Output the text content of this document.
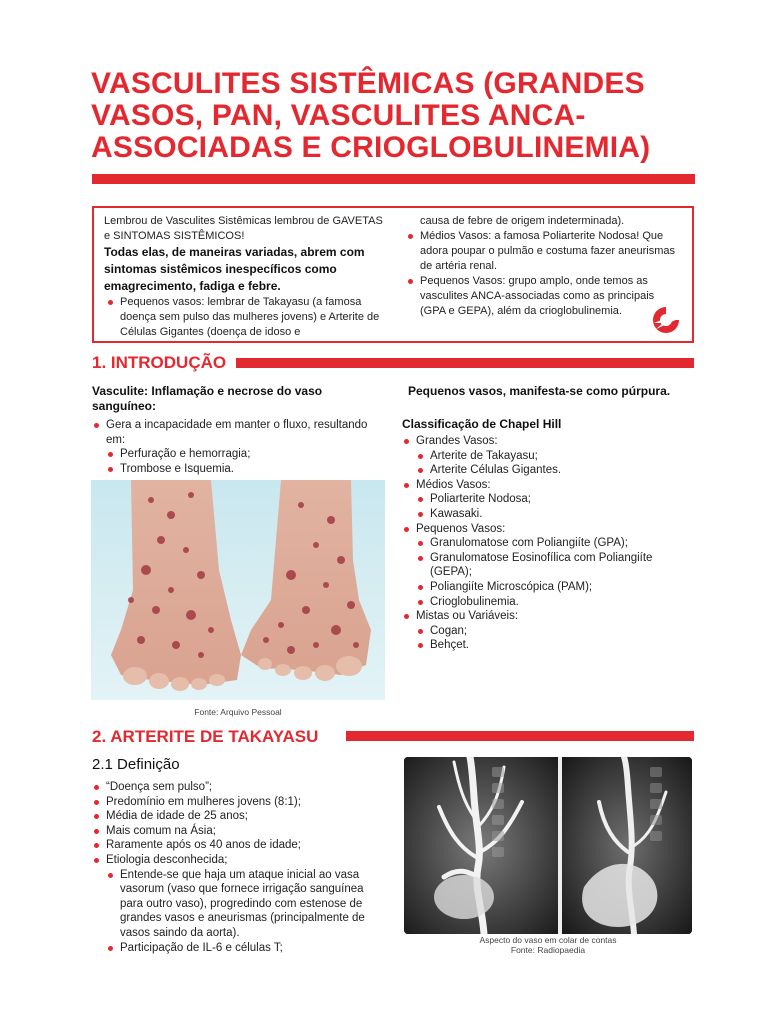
VASCULITES SISTÊMICAS (GRANDES VASOS, PAN, VASCULITES ANCA-ASSOCIADAS E CRIOGLOBULINEMIA)

Lembrou de Vasculites Sistêmicas lembrou de GAVETAS e SINTOMAS SISTÊMICOS!

Todas elas, de maneiras variadas, abrem com sintomas sistêmicos inespecíficos como emagrecimento, fadiga e febre.

Pequenos vasos: lembrar de Takayasu (a famosa doença sem pulso das mulheres jovens) e Arterite de Células Gigantes (doença de idoso e

causa de febre de origem indeterminada).

Médios Vasos: a famosa Poliarterite Nodosa! Que adora poupar o pulmão e costuma fazer aneurismas de artéria renal.
Pequenos Vasos: grupo amplo, onde temos as vasculites ANCA-associadas como as principais (GPA e GEPA), além da crioglobulinemia.
1. INTRODUÇÃO
Vasculite: Inflamação e necrose do vaso sanguíneo:
Gera a incapacidade em manter o fluxo, resultando em:
Perfuração e hemorragia;
Trombose e Isquemia.
Fonte: Arquivo Pessoal
Pequenos vasos, manifesta-se como púrpura.
Classificação de Chapel Hill
Grandes Vasos:
Arterite de Takayasu;
Arterite Células Gigantes.
Médios Vasos:
Poliarterite Nodosa;
Kawasaki.
Pequenos Vasos:
Granulomatose com Poliangiíte (GPA);
Granulomatose Eosinofílica com Poliangiíte (GEPA);
Poliangiíte Microscópica (PAM);
Crioglobulinemia.
Mistas ou Variáveis:
Cogan;
Behçet.
2. ARTERITE DE TAKAYASU
2.1 Definição
“Doença sem pulso”;
Predomínio em mulheres jovens (8:1);
Média de idade de 25 anos;
Mais comum na Ásia;
Raramente após os 40 anos de idade;
Etiologia desconhecida;
Entende-se que haja um ataque inicial ao vasa vasorum (vaso que fornece irrigação sanguínea para outro vaso), progredindo com estenose de grandes vasos e aneurismas (principalmente de vasos saindo da aorta).
Participação de IL-6 e células T;
Aspecto do vaso em colar de contas
Fonte: Radiopaedia
